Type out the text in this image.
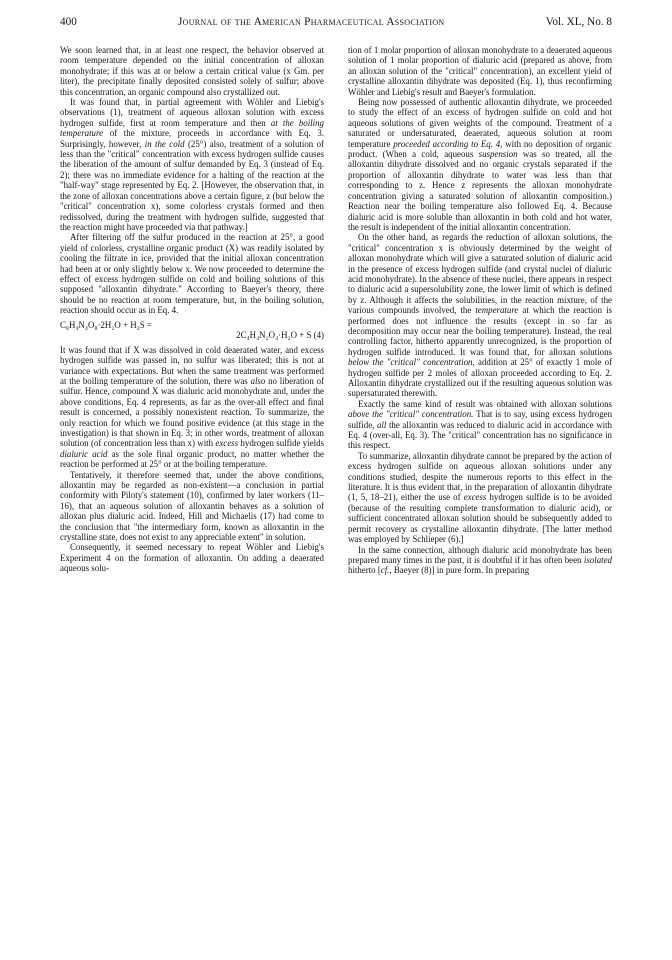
400	Journal of the American Pharmaceutical Association	Vol. XL, No. 8

We soon learned that, in at least one respect, the behavior observed at room temperature depended on the initial concentration of alloxan monohydrate; if this was at or below a certain critical value (x Gm. per liter), the precipitate finally deposited consisted solely of sulfur; above this concentration, an organic compound also crystallized out.

It was found that, in partial agreement with Wöhler and Liebig's observations (1), treatment of aqueous alloxan solution with excess hydrogen sulfide, first at room temperature and then at the boiling temperature of the mixture, proceeds in accordance with Eq. 3. Surprisingly, however, in the cold (25°) also, treatment of a solution of less than the "critical" concentration with excess hydrogen sulfide causes the liberation of the amount of sulfur demanded by Eq. 3 (instead of Eq. 2); there was no immediate evidence for a halting of the reaction at the "half-way" stage represented by Eq. 2. [However, the observation that, in the zone of alloxan concentrations above a certain figure, z (but below the "critical" concentration x), some colorless crystals formed and then redissolved, during the treatment with hydrogen sulfide, suggested that the reaction might have proceeded via that pathway.]

After filtering off the sulfur produced in the reaction at 25°, a good yield of colorless, crystalline organic product (X) was readily isolated by cooling the filtrate in ice, provided that the initial alloxan concentration had been at or only slightly below x. We now proceeded to determine the effect of excess hydrogen sulfide on cold and boiling solutions of this supposed "alloxantin dihydrate." According to Baeyer's theory, there should be no reaction at room temperature, but, in the boiling solution, reaction should occur as in Eq. 4.

C₈H₄N₄O₈·2H₂O + H₂S =
2C₄H₄N₂O₄·H₂O + S (4)

It was found that if X was dissolved in cold deaerated water, and excess hydrogen sulfide was passed in, no sulfur was liberated; this is not at variance with expectations. But when the same treatment was performed at the boiling temperature of the solution, there was also no liberation of sulfur. Hence, compound X was dialuric acid monohydrate and, under the above conditions, Eq. 4 represents, as far as the over-all effect and final result is concerned, a possibly nonexistent reaction. To summarize, the only reaction for which we found positive evidence (at this stage in the investigation) is that shown in Eq. 3; in other words, treatment of alloxan solution (of concentration less than x) with excess hydrogen sulfide yields dialuric acid as the sole final organic product, no matter whether the reaction be performed at 25° or at the boiling temperature.

Tentatively, it therefore seemed that, under the above conditions, alloxantin may be regarded as non-existent—a conclusion in partial conformity with Piloty's statement (10), confirmed by later workers (11–16), that an aqueous solution of alloxantin behaves as a solution of alloxan plus dialuric acid. Indeed, Hill and Michaelis (17) had come to the conclusion that "the intermediary form, known as alloxantin in the crystalline state, does not exist to any appreciable extent" in solution.

Consequently, it seemed necessary to repeat Wöhler and Liebig's Experiment 4 on the formation of alloxantin. On adding a deaerated aqueous solu-

tion of 1 molar proportion of alloxan monohydrate to a deaerated aqueous solution of 1 molar proportion of dialuric acid (prepared as above, from an alloxan solution of the "critical" concentration), an excellent yield of crystalline alloxantin dihydrate was deposited (Eq. 1), thus reconfirming Wöhler and Liebig's result and Baeyer's formulation.

Being now possessed of authentic alloxantin dihydrate, we proceeded to study the effect of an excess of hydrogen sulfide on cold and hot aqueous solutions of given weights of the compound. Treatment of a saturated or undersaturated, deaerated, aqueous solution at room temperature proceeded according to Eq. 4, with no deposition of organic product. (When a cold, aqueous suspension was so treated, all the alloxantin dihydrate dissolved and no organic crystals separated if the proportion of alloxantin dihydrate to water was less than that corresponding to z. Hence z represents the alloxan monohydrate concentration giving a saturated solution of alloxantin composition.) Reaction near the boiling temperature also followed Eq. 4. Because dialuric acid is more soluble than alloxantin in both cold and hot water, the result is independent of the initial alloxantin concentration.

On the other hand, as regards the reduction of alloxan solutions, the "critical" concentration x is obviously determined by the weight of alloxan monohydrate which will give a saturated solution of dialuric acid in the presence of excess hydrogen sulfide (and crystal nuclei of dialuric acid monohydrate). In the absence of these nuclei, there appears in respect to dialuric acid a supersolubility zone, the lower limit of which is defined by z. Although it affects the solubilities, in the reaction mixture, of the various compounds involved, the temperature at which the reaction is performed does not influence the results (except in so far as decomposition may occur near the boiling temperature). Instead, the real controlling factor, hitherto apparently unrecognized, is the proportion of hydrogen sulfide introduced. It was found that, for alloxan solutions below the "critical" concentration, addition at 25° of exactly 1 mole of hydrogen sulfide per 2 moles of alloxan proceeded according to Eq. 2. Alloxantin dihydrate crystallized out if the resulting aqueous solution was supersaturated therewith.

Exactly the same kind of result was obtained with alloxan solutions above the "critical" concentration. That is to say, using excess hydrogen sulfide, all the alloxantin was reduced to dialuric acid in accordance with Eq. 4 (over-all, Eq. 3). The "critical" concentration has no significance in this respect.

To summarize, alloxantin dihydrate cannot be prepared by the action of excess hydrogen sulfide on aqueous alloxan solutions under any conditions studied, despite the numerous reports to this effect in the literature. It is thus evident that, in the preparation of alloxantin dihydrate (1, 5, 18–21), either the use of excess hydrogen sulfide is to be avoided (because of the resulting complete transformation to dialuric acid), or sufficient concentrated alloxan solution should be subsequently added to permit recovery as crystalline alloxantin dihydrate. [The latter method was employed by Schlieper (6).]

In the same connection, although dialuric acid monohydrate has been prepared many times in the past, it is doubtful if it has often been isolated hitherto [cf., Baeyer (8)] in pure form. In preparing
